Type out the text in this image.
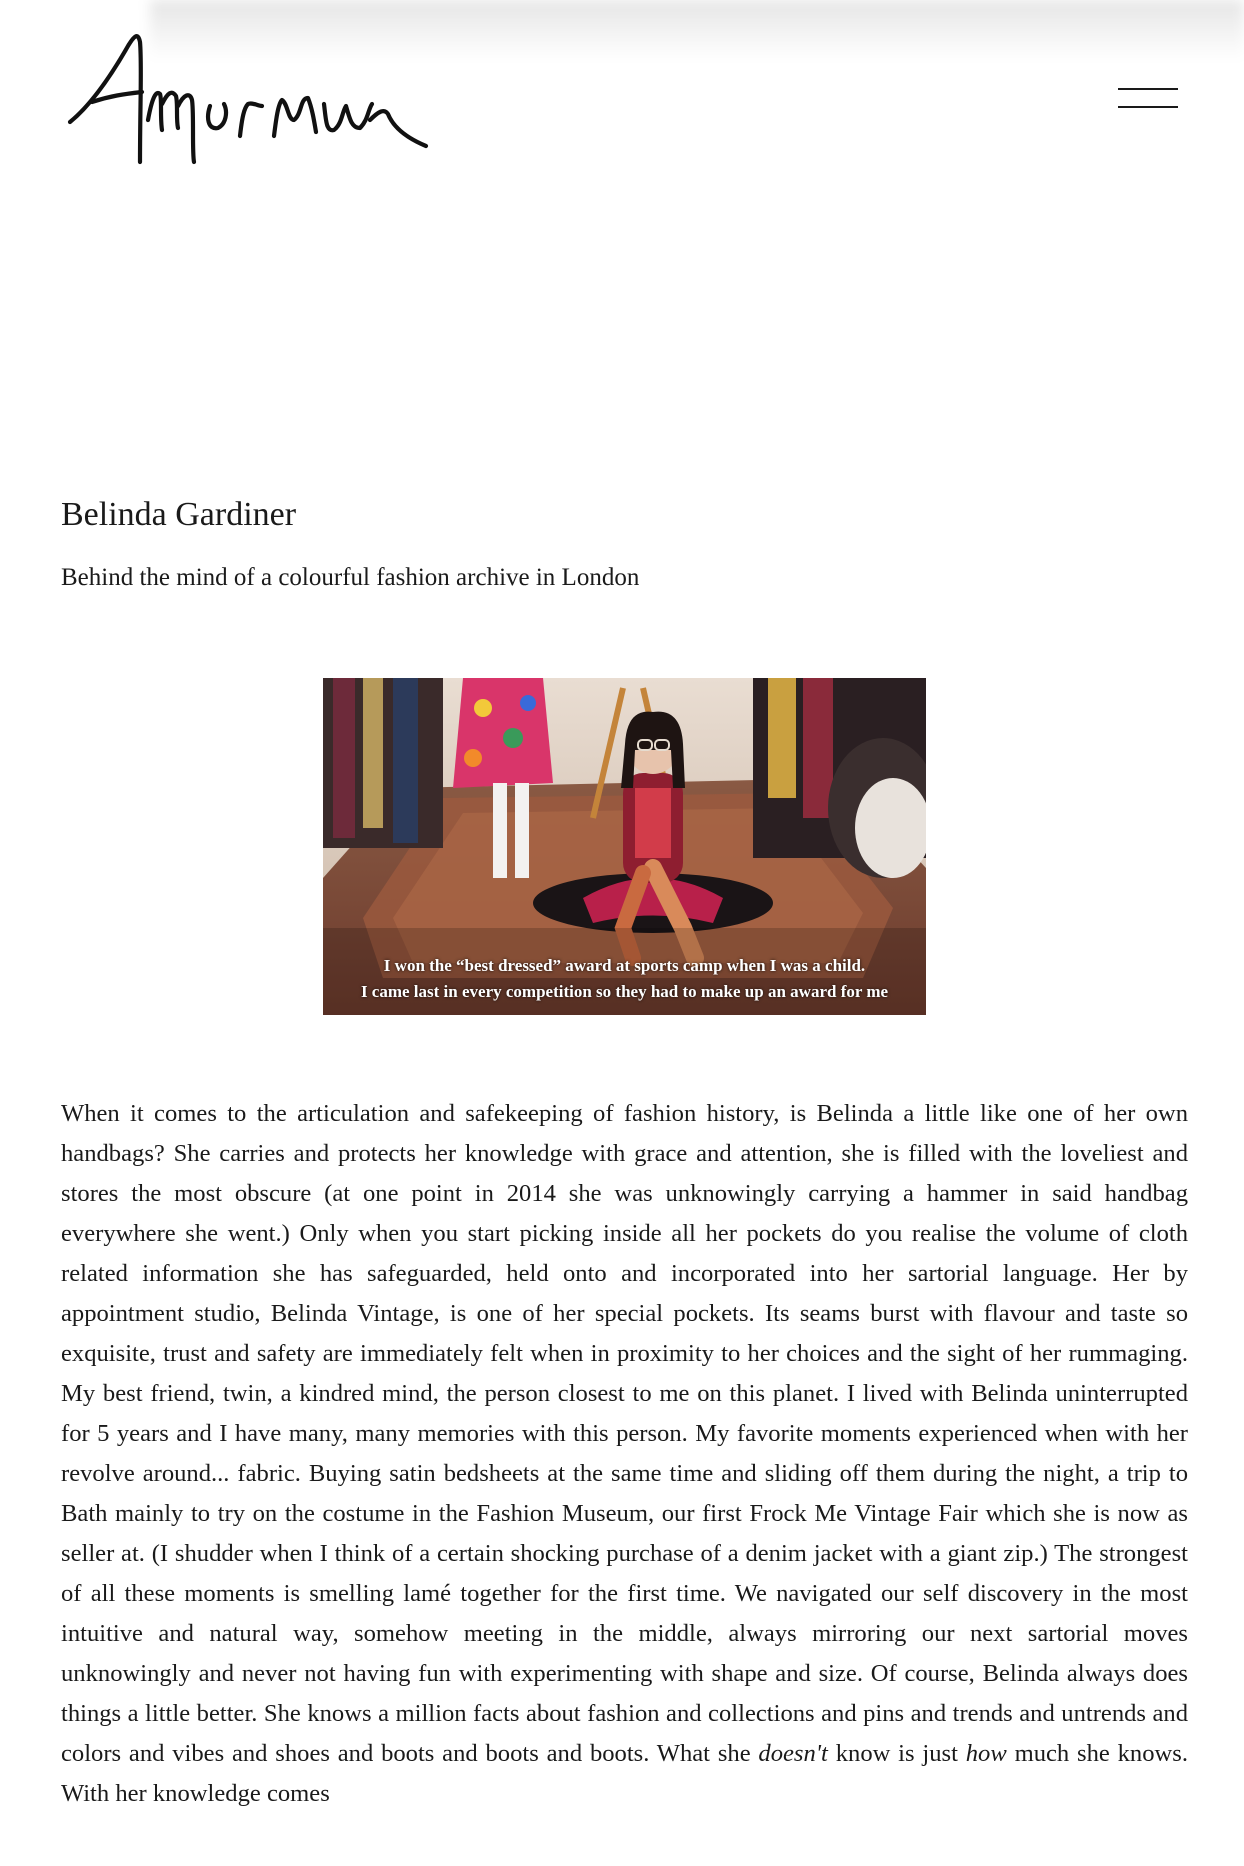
Belinda Gardiner

Behind the mind of a colourful fashion archive in London

I won the “best dressed” award at sports camp when I was a child.
I came last in every competition so they had to make up an award for me

When it comes to the articulation and safekeeping of fashion history, is Belinda a little like one of her own handbags? She carries and protects her knowledge with grace and attention, she is filled with the loveliest and stores the most obscure (at one point in 2014 she was unknowingly carrying a hammer in said handbag everywhere she went.) Only when you start picking inside all her pockets do you realise the volume of cloth related information she has safeguarded, held onto and incorporated into her sartorial language. Her by appointment studio, Belinda Vintage, is one of her special pockets. Its seams burst with flavour and taste so exquisite, trust and safety are immediately felt when in proximity to her choices and the sight of her rummaging. My best friend, twin, a kindred mind, the person closest to me on this planet. I lived with Belinda uninterrupted for 5 years and I have many, many memories with this person. My favorite moments experienced when with her revolve around... fabric. Buying satin bedsheets at the same time and sliding off them during the night, a trip to Bath mainly to try on the costume in the Fashion Museum, our first Frock Me Vintage Fair which she is now as seller at. (I shudder when I think of a certain shocking purchase of a denim jacket with a giant zip.) The strongest of all these moments is smelling lamé together for the first time. We navigated our self discovery in the most intuitive and natural way, somehow meeting in the middle, always mirroring our next sartorial moves unknowingly and never not having fun with experimenting with shape and size. Of course, Belinda always does things a little better. She knows a million facts about fashion and collections and pins and trends and untrends and colors and vibes and shoes and boots and boots and boots. What she doesn't know is just how much she knows. With her knowledge comes
